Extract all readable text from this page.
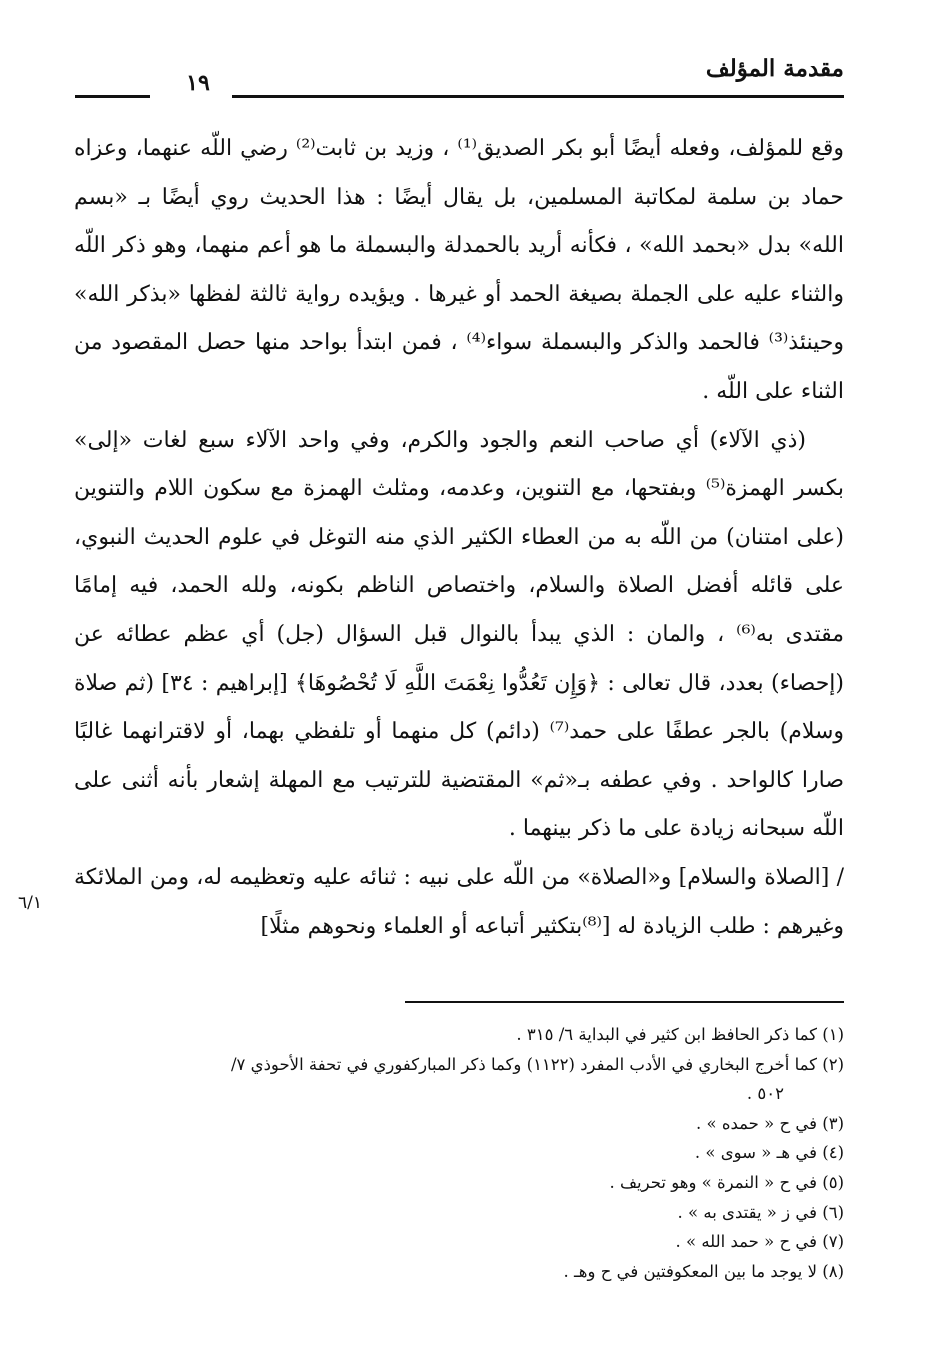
مقدمة المؤلف
١٩

وقع للمؤلف، وفعله أيضًا أبو بكر الصديق⁽¹⁾ ، وزيد بن ثابت⁽²⁾ رضي اللّه عنهما، وعزاه حماد بن سلمة لمكاتبة المسلمين، بل يقال أيضًا : هذا الحديث روي أيضًا بـ «بسم الله» بدل «بحمد الله» ، فكأنه أريد بالحمدلة والبسملة ما هو أعم منهما، وهو ذكر اللّه والثناء عليه على الجملة بصيغة الحمد أو غيرها . ويؤيده رواية ثالثة لفظها «بذكر الله» وحينئذ⁽³⁾ فالحمد والذكر والبسملة سواء⁽⁴⁾ ، فمن ابتدأ بواحد منها حصل المقصود من الثناء على اللّه .

(ذي الآلاء) أي صاحب النعم والجود والكرم، وفي واحد الآلاء سبع لغات «إلى» بكسر الهمزة⁽⁵⁾ وبفتحها، مع التنوين، وعدمه، ومثلث الهمزة مع سكون اللام والتنوين (على امتنان) من اللّه به من العطاء الكثير الذي منه التوغل في علوم الحديث النبوي، على قائله أفضل الصلاة والسلام، واختصاص الناظم بكونه، ولله الحمد، فيه إمامًا مقتدى به⁽⁶⁾ ، والمان : الذي يبدأ بالنوال قبل السؤال (جل) أي عظم عطائه عن (إحصاء) بعدد، قال تعالى : ﴿وَإِن تَعُدُّوا نِعْمَتَ اللَّهِ لَا تُحْصُوهَا﴾ [إبراهيم : ٣٤] (ثم صلاة وسلام) بالجر عطفًا على حمد⁽⁷⁾ (دائم) كل منهما أو تلفظي بهما، أو لاقترانهما غالبًا صارا كالواحد . وفي عطفه بـ«ثم» المقتضية للترتيب مع المهلة إشعار بأنه أثنى على اللّه سبحانه زيادة على ما ذكر بينهما .

/ [الصلاة والسلام] و«الصلاة» من اللّه على نبيه : ثنائه عليه وتعظيمه له، ومن الملائكة وغيرهم : طلب الزيادة له [⁽⁸⁾بتكثير أتباعه أو العلماء ونحوهم مثلًا]

٦/١
(١) كما ذكر الحافظ ابن كثير في البداية ٦/ ٣١٥ .
(٢) كما أخرج البخاري في الأدب المفرد (١١٢٢) وكما ذكر المباركفوري في تحفة الأحوذي ٧/
٥٠٢ .
(٣) في ح « حمده » .
(٤) في هـ « سوى » .
(٥) في ح « النمرة » وهو تحريف .
(٦) في ز « يقتدى به » .
(٧) في ح « حمد الله » .
(٨) لا يوجد ما بين المعكوفتين في ح وهـ .
